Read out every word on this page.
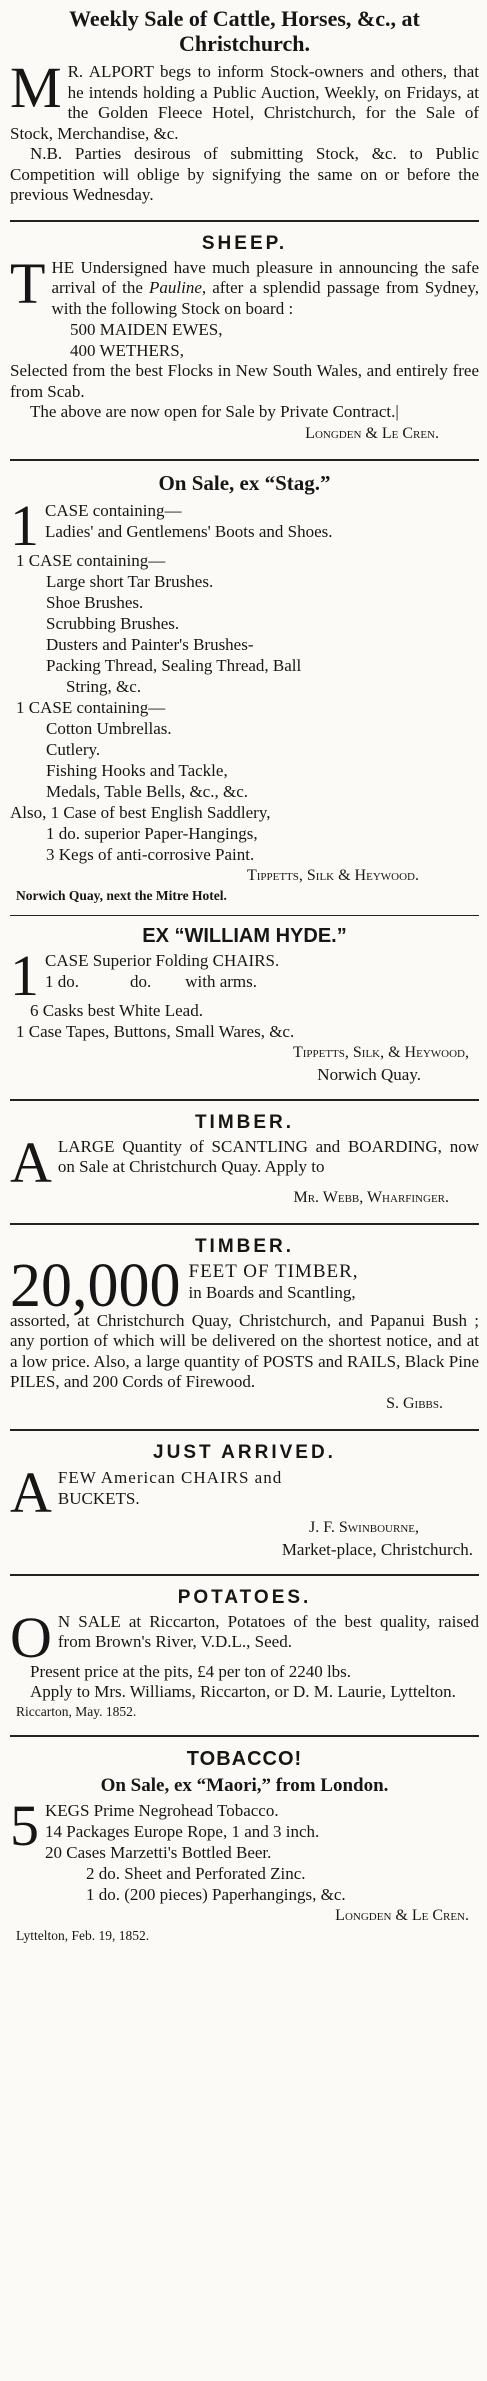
Weekly Sale of Cattle, Horses, &c., at Christchurch.
M R. ALPORT begs to inform Stock-owners and others, that he intends holding a Public Auction, Weekly, on Fridays, at the Golden Fleece Hotel, Christchurch, for the Sale of Stock, Merchandise, &c.

N.B. Parties desirous of submitting Stock, &c. to Public Competition will oblige by signifying the same on or before the previous Wednesday.

SHEEP.
T HE Undersigned have much pleasure in announcing the safe arrival of the Pauline, after a splendid passage from Sydney, with the following Stock on board :

500 MAIDEN EWES,
400 WETHERS,

Selected from the best Flocks in New South Wales, and entirely free from Scab.

The above are now open for Sale by Private Contract.|

Longden & Le Cren.
On Sale, ex “Stag.”
1 CASE containing—
Ladies' and Gentlemens' Boots and Shoes.
1 CASE containing—
Large short Tar Brushes.
Shoe Brushes.
Scrubbing Brushes.
Dusters and Painter's Brushes-
Packing Thread, Sealing Thread, Ball
String, &c.
1 CASE containing—
Cotton Umbrellas.
Cutlery.
Fishing Hooks and Tackle,
Medals, Table Bells, &c., &c.
Also, 1 Case of best English Saddlery,
1 do. superior Paper-Hangings,
3 Kegs of anti-corrosive Paint.
Tippetts, Silk & Heywood.
Norwich Quay, next the Mitre Hotel.
EX “WILLIAM HYDE.”
1 CASE Superior Folding CHAIRS.
1 do.            do.        with arms.
6 Casks best White Lead.
1 Case Tapes, Buttons, Small Wares, &c.
Tippetts, Silk, & Heywood,
Norwich Quay.
TIMBER.
A LARGE Quantity of SCANTLING and BOARDING, now on Sale at Christchurch Quay. Apply to

Mr. Webb, Wharfinger.
TIMBER.
20,000 FEET OF TIMBER,
in Boards and Scantling,

assorted, at Christchurch Quay, Christchurch, and Papanui Bush ; any portion of which will be delivered on the shortest notice, and at a low price. Also, a large quantity of POSTS and RAILS, Black Pine PILES, and 200 Cords of Firewood.

S. Gibbs.
JUST ARRIVED.
A FEW American CHAIRS and
BUCKETS.
J. F. Swinbourne,
Market-place, Christchurch.
POTATOES.
O N SALE at Riccarton, Potatoes of the best quality, raised from Brown's River, V.D.L., Seed.

Present price at the pits, £4 per ton of 2240 lbs.

Apply to Mrs. Williams, Riccarton, or D. M. Laurie, Lyttelton.

Riccarton, May. 1852.
TOBACCO!
On Sale, ex “Maori,” from London.
5 KEGS Prime Negrohead Tobacco.
14 Packages Europe Rope, 1 and 3 inch.
20 Cases Marzetti's Bottled Beer.
2 do. Sheet and Perforated Zinc.
1 do. (200 pieces) Paperhangings, &c.
Longden & Le Cren.
Lyttelton, Feb. 19, 1852.
